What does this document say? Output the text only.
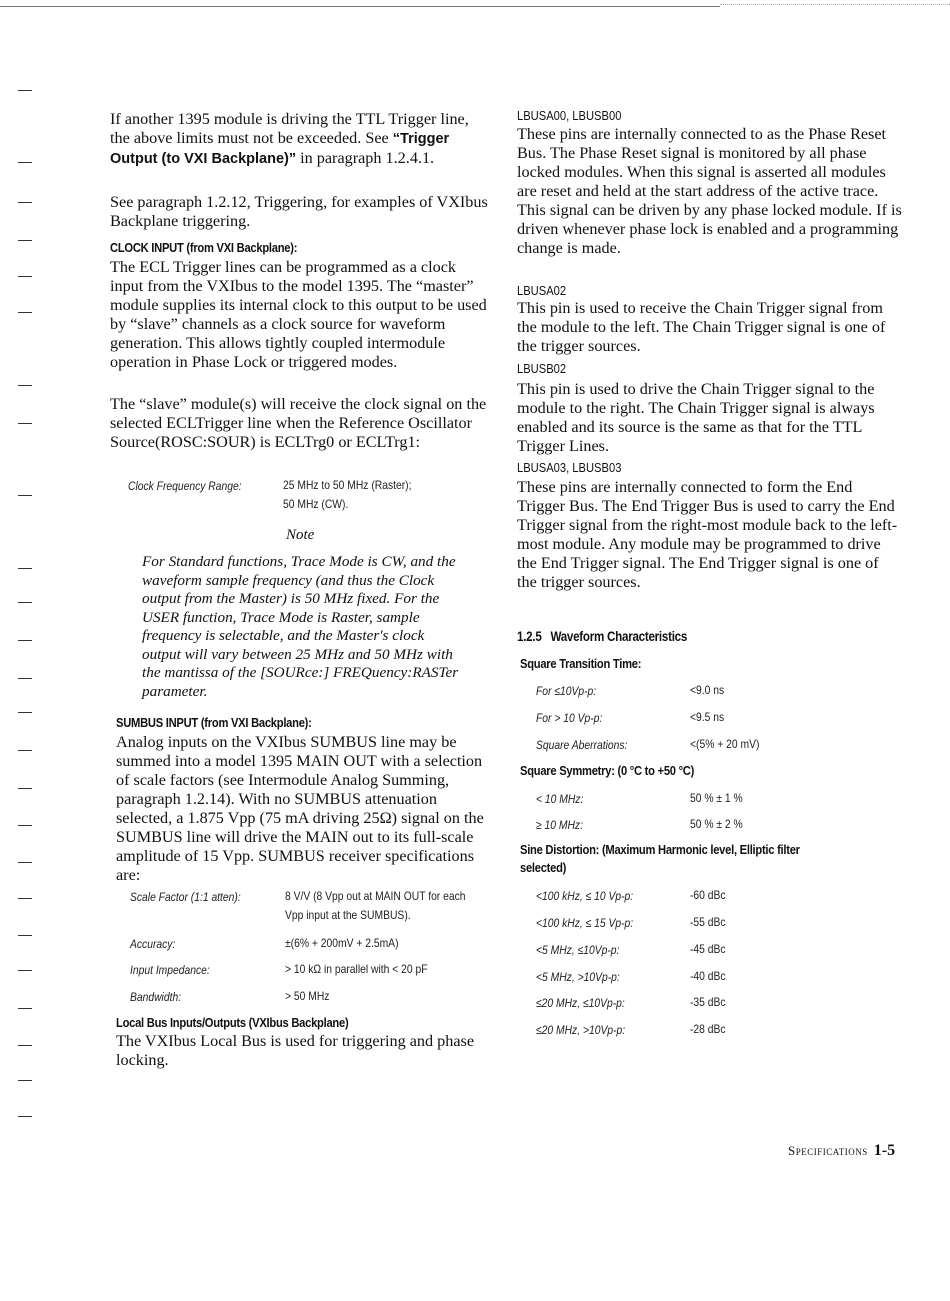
If another 1395 module is driving the TTL Trigger line, the above limits must not be exceeded. See “Trigger Output (to VXI Backplane)” in paragraph 1.2.4.1.
See paragraph 1.2.12, Triggering, for examples of VXIbus Backplane triggering.
CLOCK INPUT (from VXI Backplane):
The ECL Trigger lines can be programmed as a clock input from the VXIbus to the model 1395. The “master” module supplies its internal clock to this output to be used by “slave” channels as a clock source for waveform generation. This allows tightly coupled intermodule operation in Phase Lock or triggered modes.
The “slave” module(s) will receive the clock signal on the selected ECLTrigger line when the Reference Oscillator Source(ROSC:SOUR) is ECLTrg0 or ECLTrg1:
Clock Frequency Range:	25 MHz to 50 MHz (Raster);
50 MHz (CW).
Note
For Standard functions, Trace Mode is CW, and the waveform sample frequency (and thus the Clock output from the Master) is 50 MHz fixed. For the USER function, Trace Mode is Raster, sample frequency is selectable, and the Master's clock output will vary between 25 MHz and 50 MHz with the mantissa of the [SOURce:] FREQuency:RASTer parameter.
SUMBUS INPUT (from VXI Backplane):
Analog inputs on the VXIbus SUMBUS line may be summed into a model 1395 MAIN OUT with a selection of scale factors (see Intermodule Analog Summing, paragraph 1.2.14). With no SUMBUS attenuation selected, a 1.875 Vpp (75 mA driving 25Ω) signal on the SUMBUS line will drive the MAIN out to its full-scale amplitude of 15 Vpp. SUMBUS receiver specifications are:
Scale Factor (1:1 atten):	8 V/V (8 Vpp out at MAIN OUT for each
Vpp input at the SUMBUS).
Accuracy:	±(6% + 200mV + 2.5mA)
Input Impedance:	> 10 kΩ in parallel with < 20 pF
Bandwidth:	> 50 MHz
Local Bus Inputs/Outputs (VXIbus Backplane)
The VXIbus Local Bus is used for triggering and phase locking.
LBUSA00, LBUSB00
These pins are internally connected to as the Phase Reset Bus. The Phase Reset signal is monitored by all phase locked modules. When this signal is asserted all modules are reset and held at the start address of the active trace. This signal can be driven by any phase locked module. If is driven whenever phase lock is enabled and a programming change is made.
LBUSA02
This pin is used to receive the Chain Trigger signal from the module to the left. The Chain Trigger signal is one of the trigger sources.
LBUSB02
This pin is used to drive the Chain Trigger signal to the module to the right. The Chain Trigger signal is always enabled and its source is the same as that for the TTL Trigger Lines.
LBUSA03, LBUSB03
These pins are internally connected to form the End Trigger Bus. The End Trigger Bus is used to carry the End Trigger signal from the right-most module back to the left-most module. Any module may be programmed to drive the End Trigger signal. The End Trigger signal is one of the trigger sources.
1.2.5 Waveform Characteristics
Square Transition Time:
For ≤10Vp-p:	<9.0 ns
For > 10 Vp-p:	<9.5 ns
Square Aberrations:	<(5% + 20 mV)
Square Symmetry: (0 °C to +50 °C)
< 10 MHz:	50 % ± 1 %
≥ 10 MHz:	50 % ± 2 %
Sine Distortion: (Maximum Harmonic level, Elliptic filter
selected)
<100 kHz, ≤ 10 Vp-p:	-60 dBc
<100 kHz, ≤ 15 Vp-p:	-55 dBc
<5 MHz, ≤10Vp-p:	-45 dBc
<5 MHz, >10Vp-p:	-40 dBc
≤20 MHz, ≤10Vp-p:	-35 dBc
≤20 MHz, >10Vp-p:	-28 dBc
Specifications 1-5
